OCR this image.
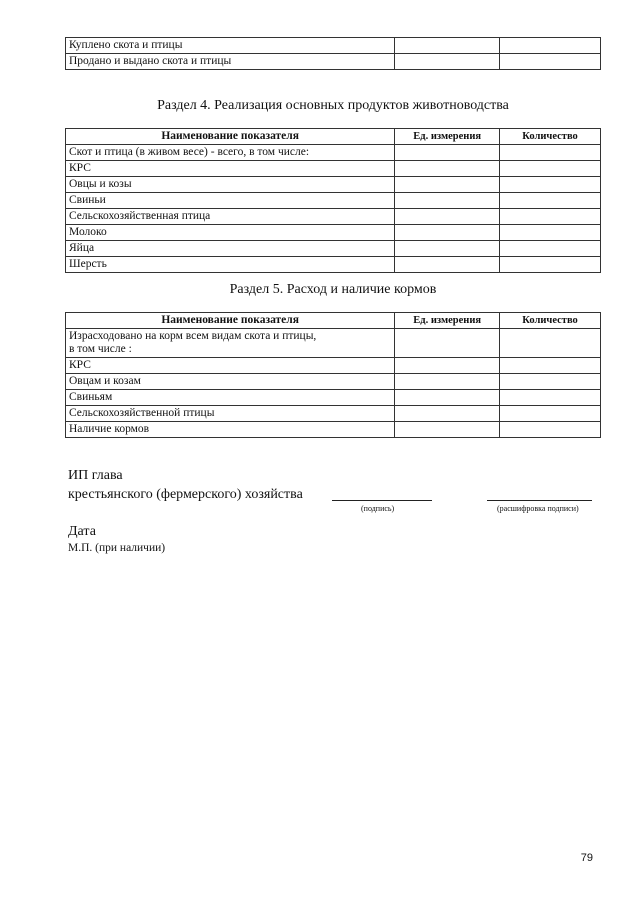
Куплено скота и птицы		
Продано и выдано скота и птицы		
Раздел 4. Реализация основных продуктов животноводства
Наименование показателя	Ед. измерения	Количество
Скот и птица (в живом весе) - всего, в том числе:		
КРС		
Овцы и козы		
Свиньи		
Сельскохозяйственная птица		
Молоко		
Яйца		
Шерсть		
Раздел 5. Расход и наличие кормов
Наименование показателя	Ед. измерения	Количество
Израсходовано на корм всем видам скота и птицы,
в том числе :		
КРС		
Овцам и козам		
Свиньям		
Сельскохозяйственной птицы		
Наличие кормов		
ИП глава
крестьянского (фермерского) хозяйства
(подпись)	(расшифровка подписи)
Дата
М.П. (при наличии)
79
